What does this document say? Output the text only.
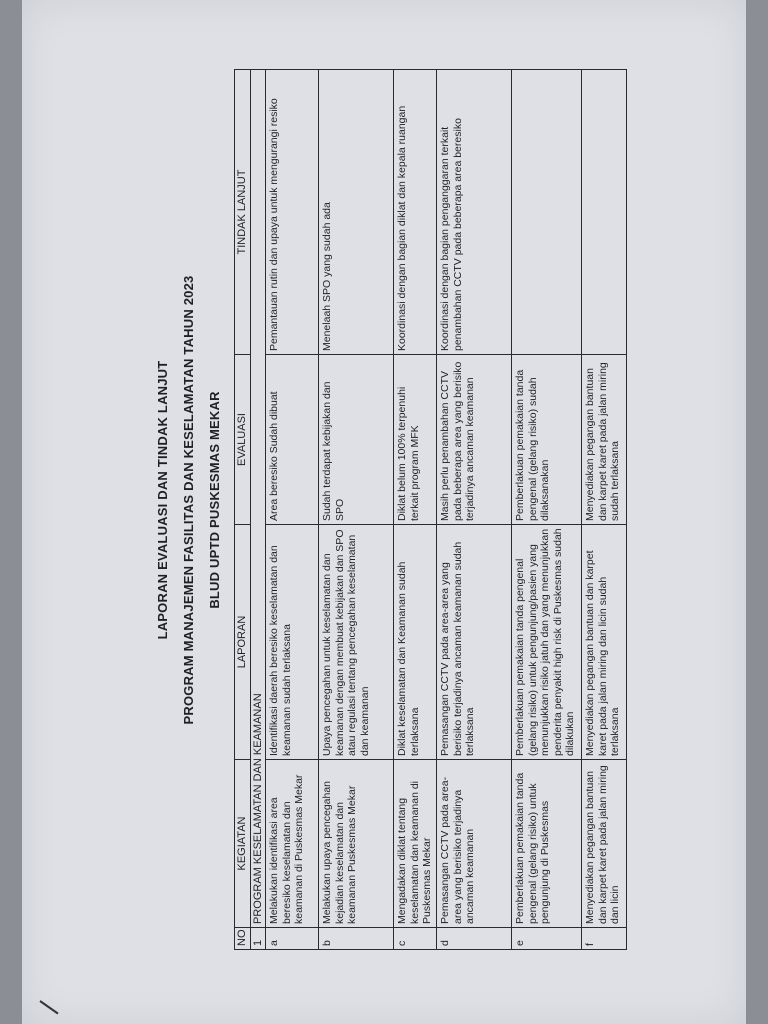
LAPORAN EVALUASI DAN TINDAK LANJUT PROGRAM MANAJEMEN FASILITAS DAN KESELAMATAN TAHUN 2023 BLUD UPTD PUSKESMAS MEKAR
NO	KEGIATAN	LAPORAN	EVALUASI	TINDAK LANJUT
1	PROGRAM KESELAMATAN DAN KEAMANAN			
a	Melakukan identifikasi area beresiko keselamatan dan keamanan di Puskesmas Mekar	Identifikasi daerah beresiko keselamatan dan keamanan sudah terlaksana	Area beresiko Sudah dibuat	Pemantauan rutin dan upaya untuk mengurangi resiko
b	Melakukan upaya pencegahan kejadian keselamatan dan keamanan Puskesmas Mekar	Upaya pencegahan untuk keselamatan dan keamanan dengan membuat kebijakan dan SPO atau regulasi tentang pencegahan keselamatan dan keamanan	Sudah terdapat kebijakan dan SPO	Menelaah SPO yang sudah ada
c	Mengadakan diklat tentang keselamatan dan keamanan di Puskesmas Mekar	Diklat keselamatan dan Keamanan sudah terlaksana	Diklat belum 100% terpenuhi terkait program MFK	Koordinasi dengan bagian diklat dan kepala ruangan
d	Pemasangan CCTV pada area-area yang berisiko terjadinya ancaman keamanan	Pemasangan CCTV pada area-area yang berisiko terjadinya ancaman keamanan sudah terlaksana	Masih perlu penambahan CCTV pada beberapa area yang berisiko terjadinya ancaman keamanan	Koordinasi dengan bagian penganggaran terkait penambahan CCTV pada beberapa area beresiko
e	Pemberlakuan pemakaian tanda pengenal (gelang risiko) untuk pengunjung di Puskesmas	Pemberlakuan pemakaian tanda pengenal (gelang risiko) untuk pengunjung/pasien yang menunjukkan risiko jatuh dan yang menunjukkan penderita penyakit high risk di Puskesmas sudah dilakukan	Pemberlakuan pemakaian tanda pengenal (gelang risiko) sudah dilaksanakan	
f	Menyediakan pegangan bantuan dan karpet karet pada jalan miring dan licin	Menyediakan pegangan bantuan dan karpet karet pada jalan miring dan licin sudah terlaksana	Menyediakan pegangan bantuan dan karpet karet pada jalan miring sudah terlaksana	
